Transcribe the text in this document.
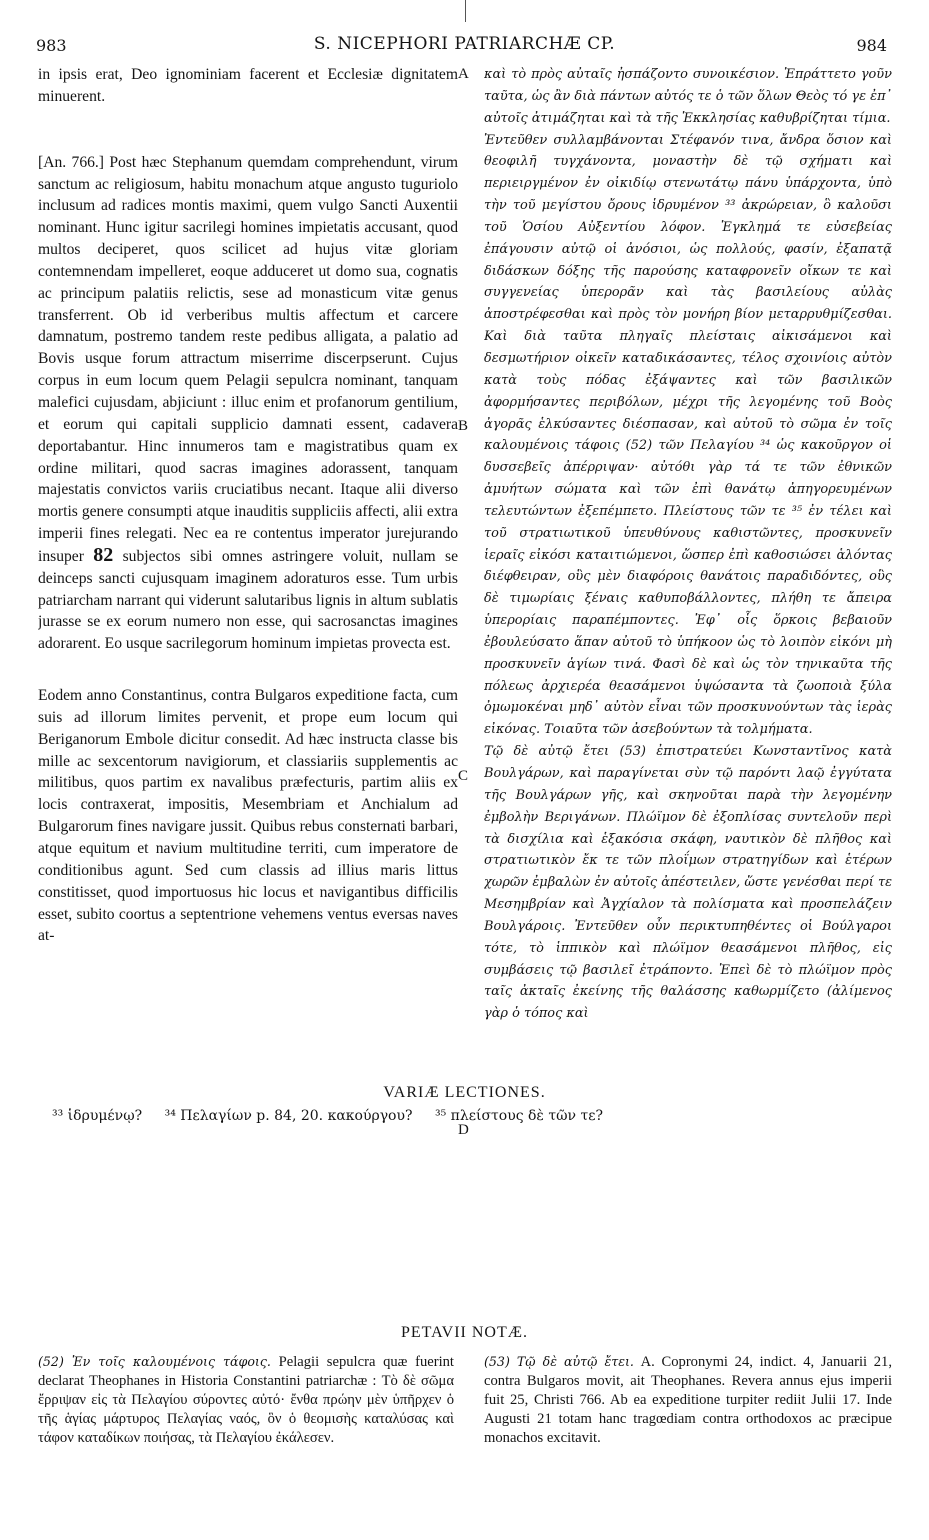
983	S. NICEPHORI PATRIARCHÆ CP.	984

in ipsis erat, Deo ignominiam facerent et Ecclesiæ dignitatem minuerent.

[An. 766.] Post hæc Stephanum quemdam comprehendunt, virum sanctum ac religiosum, habitu monachum atque angusto tuguriolo inclusum ad radices montis maximi, quem vulgo Sancti Auxentii nominant. Hunc igitur sacrilegi homines impietatis accusant, quod multos deciperet, quos scilicet ad hujus vitæ gloriam contemnendam impelleret, eoque adduceret ut domo sua, cognatis ac principum palatiis relictis, sese ad monasticum vitæ genus transferrent. Ob id verberibus multis affectum et carcere damnatum, postremo tandem reste pedibus alligata, a palatio ad Bovis usque forum attractum miserrime discerpserunt. Cujus corpus in eum locum quem Pelagii sepulcra nominant, tanquam malefici cujusdam, abjiciunt : illuc enim et profanorum gentilium, et eorum qui capitali supplicio damnati essent, cadavera deportabantur. Hinc innumeros tam e magistratibus quam ex ordine militari, quod sacras imagines adorassent, tanquam majestatis convictos variis cruciatibus necant. Itaque alii diverso mortis genere consumpti atque inauditis suppliciis affecti, alii extra imperii fines relegati. Nec ea re contentus imperator jurejurando insuper 82 subjectos sibi omnes astringere voluit, nullam se deinceps sancti cujusquam imaginem adoraturos esse. Tum urbis patriarcham narrant qui viderunt salutaribus lignis in altum sublatis jurasse se ex eorum numero non esse, qui sacrosanctas imagines adorarent. Eo usque sacrilegorum hominum impietas provecta est.

Eodem anno Constantinus, contra Bulgaros expeditione facta, cum suis ad illorum limites pervenit, et prope eum locum qui Beriganorum Embole dicitur consedit. Ad hæc instructa classe bis mille ac sexcentorum navigiorum, et classiariis supplementis ac militibus, quos partim ex navalibus præfecturis, partim aliis ex locis contraxerat, impositis, Mesembriam et Anchialum ad Bulgarorum fines navigare jussit. Quibus rebus consternati barbari, atque equitum et navium multitudine territi, cum imperatore de conditionibus agunt. Sed cum classis ad illius maris littus constitisset, quod importuosus hic locus et navigantibus difficilis esset, subito coortus a septentrione vehemens ventus eversas naves at-

A
B
C
D

καὶ τὸ πρὸς αὐταῖς ἠσπάζοντο συνοικέσιον. Ἐπράττετο γοῦν ταῦτα, ὡς ἂν διὰ πάντων αὐτός τε ὁ τῶν ὅλων Θεὸς τό γε ἐπ᾽ αὐτοῖς ἀτιμάζηται καὶ τὰ τῆς Ἐκκλησίας καθυβρίζηται τίμια.

Ἐντεῦθεν συλλαμβάνονται Στέφανόν τινα, ἄνδρα ὅσιον καὶ θεοφιλῆ τυγχάνοντα, μοναστὴν δὲ τῷ σχήματι καὶ περιειργμένον ἐν οἰκιδίῳ στενωτάτῳ πάνυ ὑπάρχοντα, ὑπὸ τὴν τοῦ μεγίστου ὄρους ἱδρυμένον ³³ ἀκρώρειαν, ὃ καλοῦσι τοῦ Ὁσίου Αὐξεντίου λόφον. Ἐγκλημά τε εὐσεβείας ἐπάγουσιν αὐτῷ οἱ ἀνόσιοι, ὡς πολλούς, φασίν, ἐξαπατᾷ διδάσκων δόξης τῆς παρούσης καταφρονεῖν οἴκων τε καὶ συγγενείας ὑπερορᾶν καὶ τὰς βασιλείους αὐλὰς ἀποστρέφεσθαι καὶ πρὸς τὸν μονήρη βίον μεταρρυθμίζεσθαι. Καὶ διὰ ταῦτα πληγαῖς πλείσταις αἰκισάμενοι καὶ δεσμωτήριον οἰκεῖν καταδικάσαντες, τέλος σχοινίοις αὐτὸν κατὰ τοὺς πόδας ἐξάψαντες καὶ τῶν βασιλικῶν ἀφορμήσαντες περιβόλων, μέχρι τῆς λεγομένης τοῦ Βοὸς ἀγορᾶς ἑλκύσαντες διέσπασαν, καὶ αὐτοῦ τὸ σῶμα ἐν τοῖς καλουμένοις τάφοις (52) τῶν Πελαγίου ³⁴ ὡς κακοῦργον οἱ δυσσεβεῖς ἀπέρριψαν· αὐτόθι γὰρ τά τε τῶν ἐθνικῶν ἀμυήτων σώματα καὶ τῶν ἐπὶ θανάτῳ ἀπηγορευμένων τελευτώντων ἐξεπέμπετο. Πλείστους τῶν τε ³⁵ ἐν τέλει καὶ τοῦ στρατιωτικοῦ ὑπευθύνους καθιστῶντες, προσκυνεῖν ἱεραῖς εἰκόσι καταιτιώμενοι, ὥσπερ ἐπὶ καθοσιώσει ἁλόντας διέφθειραν, οὓς μὲν διαφόροις θανάτοις παραδιδόντες, οὓς δὲ τιμωρίαις ξέναις καθυποβάλλοντες, πλήθη τε ἄπειρα ὑπερορίαις παραπέμποντες. Ἐφ᾽ οἷς ὅρκοις βεβαιοῦν ἐβουλεύσατο ἅπαν αὐτοῦ τὸ ὑπήκοον ὡς τὸ λοιπὸν εἰκόνι μὴ προσκυνεῖν ἁγίων τινά. Φασὶ δὲ καὶ ὡς τὸν τηνικαῦτα τῆς πόλεως ἀρχιερέα θεασάμενοι ὑψώσαντα τὰ ζωοποιὰ ξύλα ὀμωμοκέναι μηδ᾽ αὐτὸν εἶναι τῶν προσκυνούντων τὰς ἱερὰς εἰκόνας. Τοιαῦτα τῶν ἀσεβούντων τὰ τολμήματα.

Τῷ δὲ αὐτῷ ἔτει (53) ἐπιστρατεύει Κωνσταντῖνος κατὰ Βουλγάρων, καὶ παραγίνεται σὺν τῷ παρόντι λαῷ ἐγγύτατα τῆς Βουλγάρων γῆς, καὶ σκηνοῦται παρὰ τὴν λεγομένην ἐμβολὴν Βεριγάνων. Πλώϊμον δὲ ἐξοπλίσας συντελοῦν περὶ τὰ δισχίλια καὶ ἑξακόσια σκάφη, ναυτικὸν δὲ πλῆθος καὶ στρατιωτικὸν ἔκ τε τῶν πλοΐμων στρατηγίδων καὶ ἑτέρων χωρῶν ἐμβαλὼν ἐν αὐτοῖς ἀπέστειλεν, ὥστε γενέσθαι περί τε Μεσημβρίαν καὶ Ἀγχίαλον τὰ πολίσματα καὶ προσπελάζειν Βουλγάροις. Ἐντεῦθεν οὖν περικτυπηθέντες οἱ Βούλγαροι τότε, τὸ ἱππικὸν καὶ πλώϊμον θεασάμενοι πλῆθος, εἰς συμβάσεις τῷ βασιλεῖ ἐτράποντο. Ἐπεὶ δὲ τὸ πλώϊμον πρὸς ταῖς ἀκταῖς ἐκείνης τῆς θαλάσσης καθωρμίζετο (ἀλίμενος γὰρ ὁ τόπος καὶ

VARIÆ LECTIONES.
³³ ἱδρυμένῳ? ³⁴ Πελαγίων p. 84, 20. κακούργου? ³⁵ πλείστους δὲ τῶν τε?
PETAVII NOTÆ.
(52) Ἐν τοῖς καλουμένοις τάφοις. Pelagii sepulcra quæ fuerint declarat Theophanes in Historia Constantini patriarchæ : Τὸ δὲ σῶμα ἔρριψαν εἰς τὰ Πελαγίου σύροντες αὐτό· ἔνθα πρώην μὲν ὑπῆρχεν ὁ τῆς ἁγίας μάρτυρος Πελαγίας ναός, ὃν ὁ θεομισὴς καταλύσας καὶ τάφον καταδίκων ποιήσας, τὰ Πελαγίου ἐκάλεσεν.
(53) Τῷ δὲ αὐτῷ ἔτει. A. Copronymi 24, indict. 4, Januarii 21, contra Bulgaros movit, ait Theophanes. Revera annus ejus imperii fuit 25, Christi 766. Ab ea expeditione turpiter rediit Julii 17. Inde Augusti 21 totam hanc tragœdiam contra orthodoxos ac præcipue monachos excitavit.
